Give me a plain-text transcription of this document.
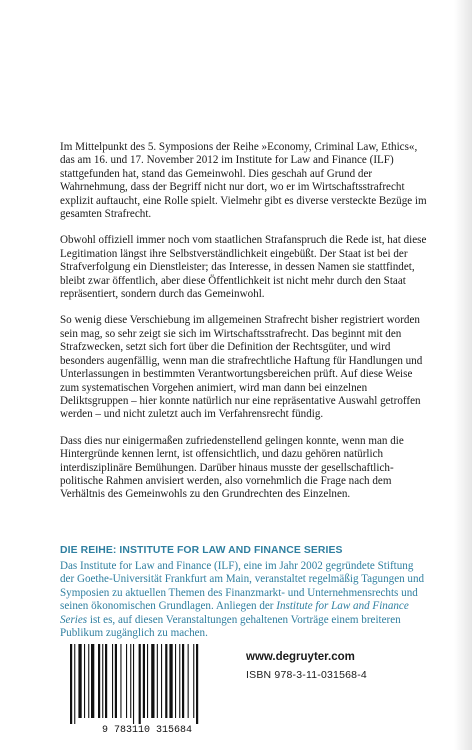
Im Mittelpunkt des 5. Symposions der Reihe »Economy, Criminal Law, Ethics«, das am 16. und 17. November 2012 im Institute for Law and Finance (ILF) stattgefunden hat, stand das Gemeinwohl. Dies geschah auf Grund der Wahrnehmung, dass der Begriff nicht nur dort, wo er im Wirtschaftsstrafrecht explizit auftaucht, eine Rolle spielt. Vielmehr gibt es diverse versteckte Bezüge im gesamten Strafrecht.

Obwohl offiziell immer noch vom staatlichen Strafanspruch die Rede ist, hat diese Legitimation längst ihre Selbstverständlichkeit eingebüßt. Der Staat ist bei der Strafverfolgung ein Dienstleister; das Interesse, in dessen Namen sie stattfindet, bleibt zwar öffentlich, aber diese Öffentlichkeit ist nicht mehr durch den Staat repräsentiert, sondern durch das Gemeinwohl.

So wenig diese Verschiebung im allgemeinen Strafrecht bisher registriert worden sein mag, so sehr zeigt sie sich im Wirtschaftsstrafrecht. Das beginnt mit den Strafzwecken, setzt sich fort über die Definition der Rechtsgüter, und wird besonders augenfällig, wenn man die strafrechtliche Haftung für Handlungen und Unterlassungen in bestimmten Verantwortungsbereichen prüft. Auf diese Weise zum systematischen Vorgehen animiert, wird man dann bei einzelnen Deliktsgruppen – hier konnte natürlich nur eine repräsentative Auswahl getroffen werden – und nicht zuletzt auch im Verfahrensrecht fündig.

Dass dies nur einigermaßen zufriedenstellend gelingen konnte, wenn man die Hintergründe kennen lernt, ist offensichtlich, und dazu gehören natürlich interdisziplinäre Bemühungen. Darüber hinaus musste der gesellschaftlich-politische Rahmen anvisiert werden, also vornehmlich die Frage nach dem Verhältnis des Gemeinwohls zu den Grundrechten des Einzelnen.

DIE REIHE: INSTITUTE FOR LAW AND FINANCE SERIES

Das Institute for Law and Finance (ILF), eine im Jahr 2002 gegründete Stiftung der Goethe-Universität Frankfurt am Main, veranstaltet regelmäßig Tagungen und Symposien zu aktuellen Themen des Finanzmarkt- und Unternehmensrechts und seinen ökonomischen Grundlagen. Anliegen der Institute for Law and Finance Series ist es, auf diesen Veranstaltungen gehaltenen Vorträge einem breiteren Publikum zugänglich zu machen.

9 783110 315684
www.degruyter.com
ISBN 978-3-11-031568-4
